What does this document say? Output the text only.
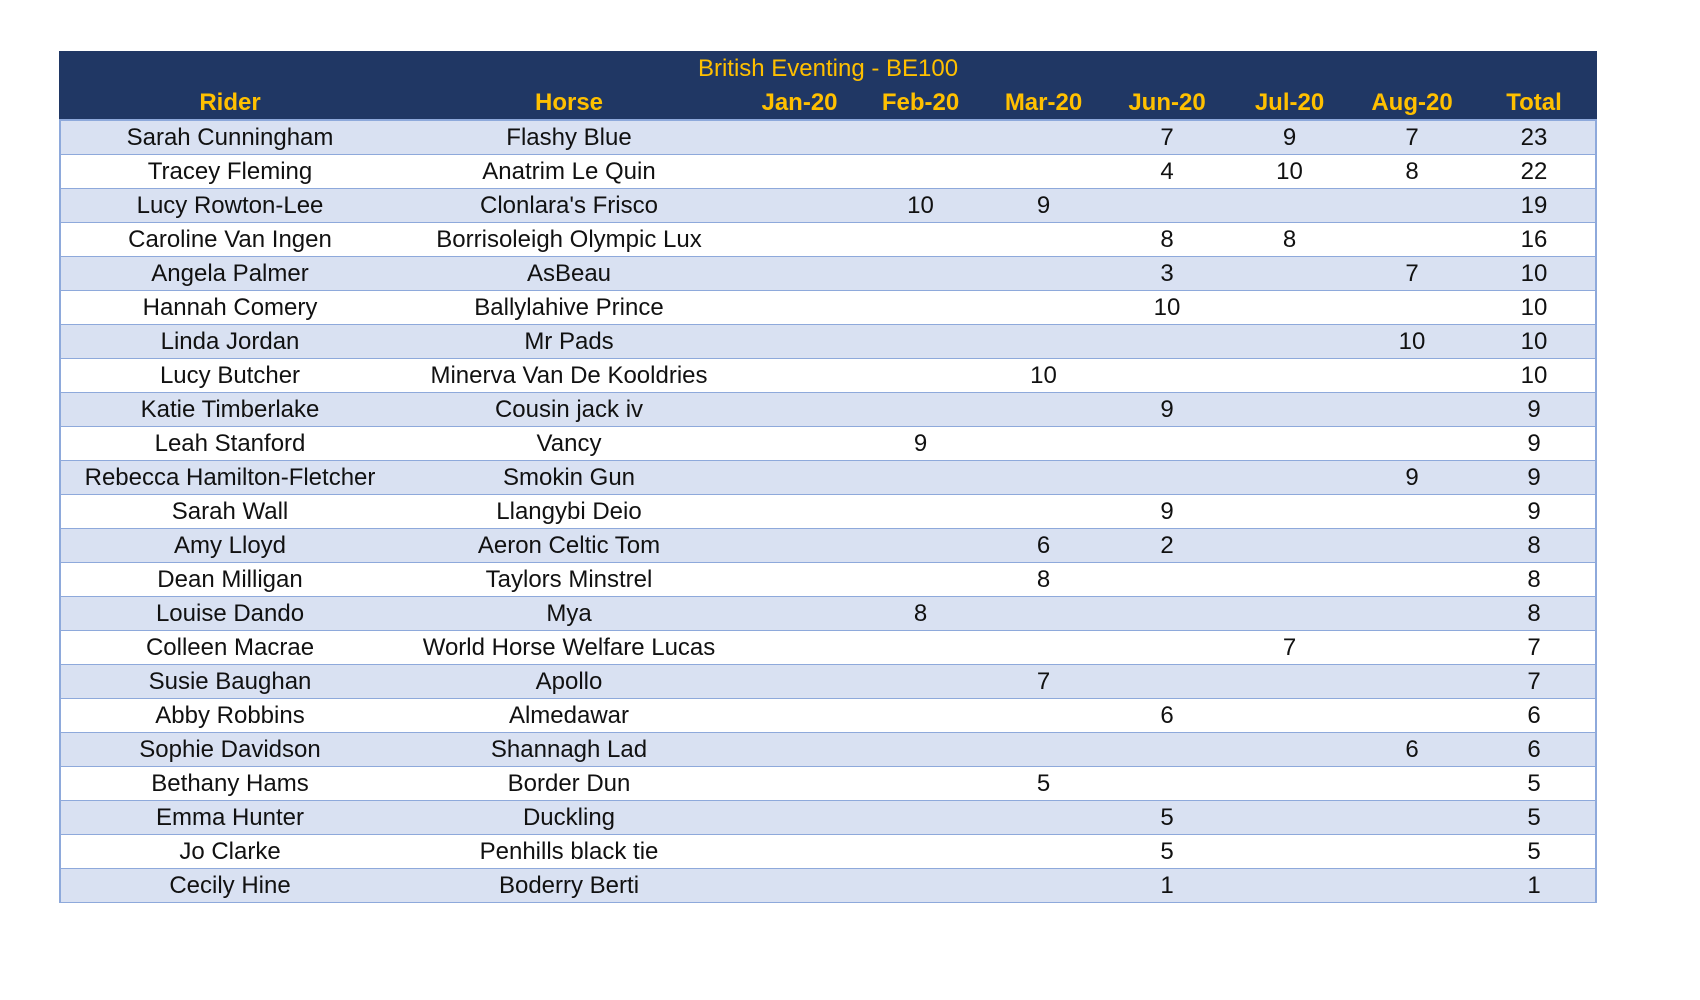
British Eventing - BE100								
Rider	Horse	Jan-20	Feb-20	Mar-20	Jun-20	Jul-20	Aug-20	Total
Sarah Cunningham	Flashy Blue				7	9	7	23
Tracey Fleming	Anatrim Le Quin				4	10	8	22
Lucy Rowton-Lee	Clonlara's Frisco		10	9				19
Caroline Van Ingen	Borrisoleigh Olympic Lux				8	8		16
Angela Palmer	AsBeau				3		7	10
Hannah Comery	Ballylahive Prince				10			10
Linda Jordan	Mr Pads						10	10
Lucy Butcher	Minerva Van De Kooldries			10				10
Katie Timberlake	Cousin jack iv				9			9
Leah Stanford	Vancy		9					9
Rebecca Hamilton-Fletcher	Smokin Gun						9	9
Sarah Wall	Llangybi Deio				9			9
Amy Lloyd	Aeron Celtic Tom			6	2			8
Dean Milligan	Taylors Minstrel			8				8
Louise Dando	Mya		8					8
Colleen Macrae	World Horse Welfare Lucas					7		7
Susie Baughan	Apollo			7				7
Abby Robbins	Almedawar				6			6
Sophie Davidson	Shannagh Lad						6	6
Bethany Hams	Border Dun			5				5
Emma Hunter	Duckling				5			5
Jo Clarke	Penhills black tie				5			5
Cecily Hine	Boderry Berti				1			1
